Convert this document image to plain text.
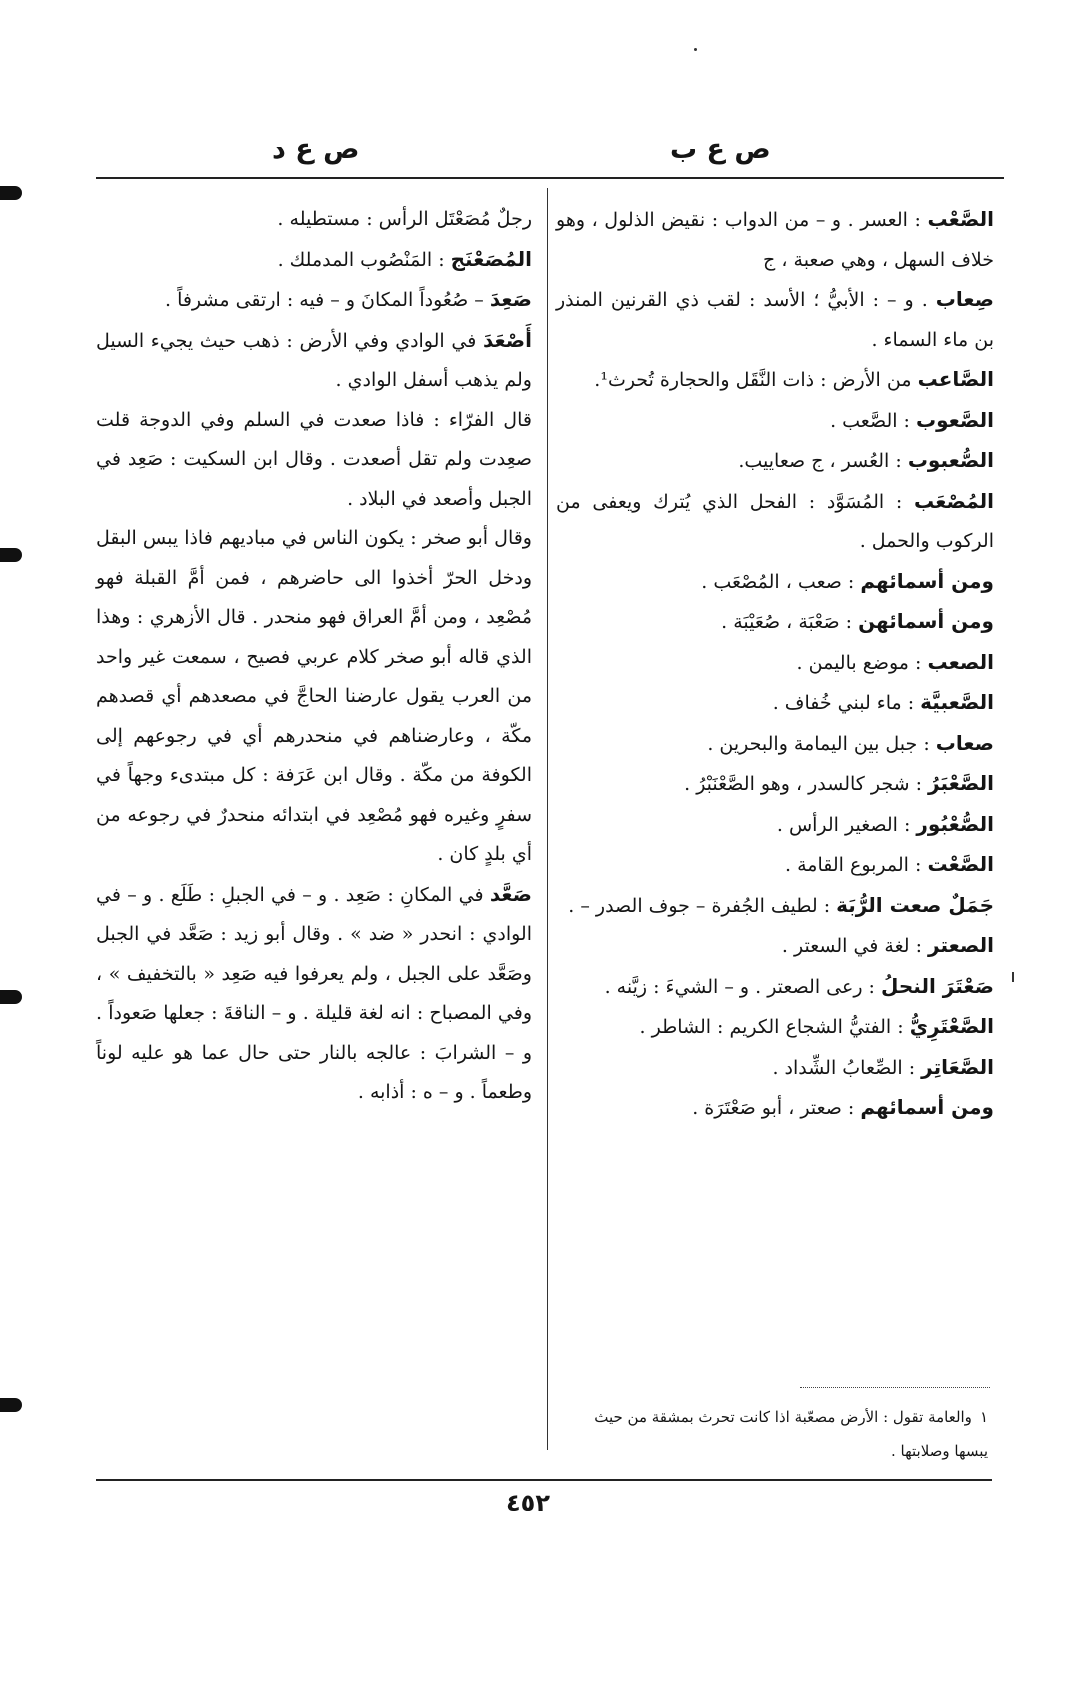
ص ع ب
ص ع د

الصَّعْب : العسر . و – من الدواب : نقيض الذلول ، وهو خلاف السهل ، وهي صعبة ، ج

صِعاب . و – : الأبيُّ ؛ الأسد : لقب ذي القرنين المنذر بن ماء السماء .

الصَّاعب من الأرض : ذات النَّقَل والحجارة تُحرث¹.

الصَّعوب : الصَّعب .

الصُّعبوب : العُسر ، ج صعاييب.

المُصْعَب : المُسَوَّد : الفحل الذي يُترك ويعفى من الركوب والحمل .

ومن أسمائهم : صعب ، المُصْعَب .

ومن أسمائهن : صَعْبَة ، صُعَيْبَة .

الصعب : موضع باليمن .

الصَّعبيَّة : ماء لبني خُفاف .

صعاب : جبل بين اليمامة والبحرين .

الصَّعْبَرُ : شجر كالسدر ، وهو الصَّعْنَبْرُ .

الصُّعْبُور : الصغير الرأس .

الصَّعْت : المربوع القامة .

جَمَلٌ صعت الرُّبَة : لطيف الجُفرة – جوف الصدر – .

الصعتر : لغة في السعتر .

صَعْتَرَ النحلُ : رعى الصعتر . و – الشيءَ : زيَّنه .

الصَّعْتَرِيُّ : الفتيُّ الشجاع الكريم : الشاطر .

الصَّعَاتِر : الصِّعابُ الشِّداد .

ومن أسمائهم : صعتر ، أبو صَعْتَرَة .

رجلٌ مُصَعْتَل الرأس : مستطيله .

المُصَعْنَج : المَنْصُوب المدملك .

صَعِدَ – صُعُوداً المكانَ و – فيه : ارتقى مشرفاً .

أَصْعَدَ في الوادي وفي الأرض : ذهب حيث يجيء السيل ولم يذهب أسفل الوادي .

قال الفرّاء : فاذا صعدت في السلم وفي الدوجة قلت صعِدت ولم تقل أصعدت . وقال ابن السكيت : صَعِد في الجبل وأصعد في البلاد .

وقال أبو صخر : يكون الناس في مباديهم فاذا يبس البقل ودخل الحرّ أخذوا الى حاضرهم ، فمن أمَّ القبلة فهو مُصْعِد ، ومن أمَّ العراق فهو منحدر . قال الأزهري : وهذا الذي قاله أبو صخر كلام عربي فصيح ، سمعت غير واحد من العرب يقول عارضنا الحاجَّ في مصعدهم أي قصدهم مكّة ، وعارضناهم في منحدرهم أي في رجوعهم إلى الكوفة من مكّة . وقال ابن عَرَفة : كل مبتدىء وجهاً في سفرٍ وغيره فهو مُصْعِد في ابتدائه منحدرٌ في رجوعه من أي بلدٍ كان .

صَعَّد في المكانِ : صَعِد . و – في الجبلِ : طَلَع . و – في الوادي : انحدر « ضد » . وقال أبو زيد : صَعَّد في الجبل وصَعَّد على الجبل ، ولم يعرفوا فيه صَعِد « بالتخفيف » ، وفي المصباح : انه لغة قليلة . و – الناقةَ : جعلها صَعوداً . و – الشرابَ : عالجه بالنار حتى حال عما هو عليه لوناً وطعماً . و – ه : أذابه .

١والعامة تقول : الأرض مصعّبة اذا كانت تحرث بمشقة من حيث يبسها وصلابتها .
٤٥٢
